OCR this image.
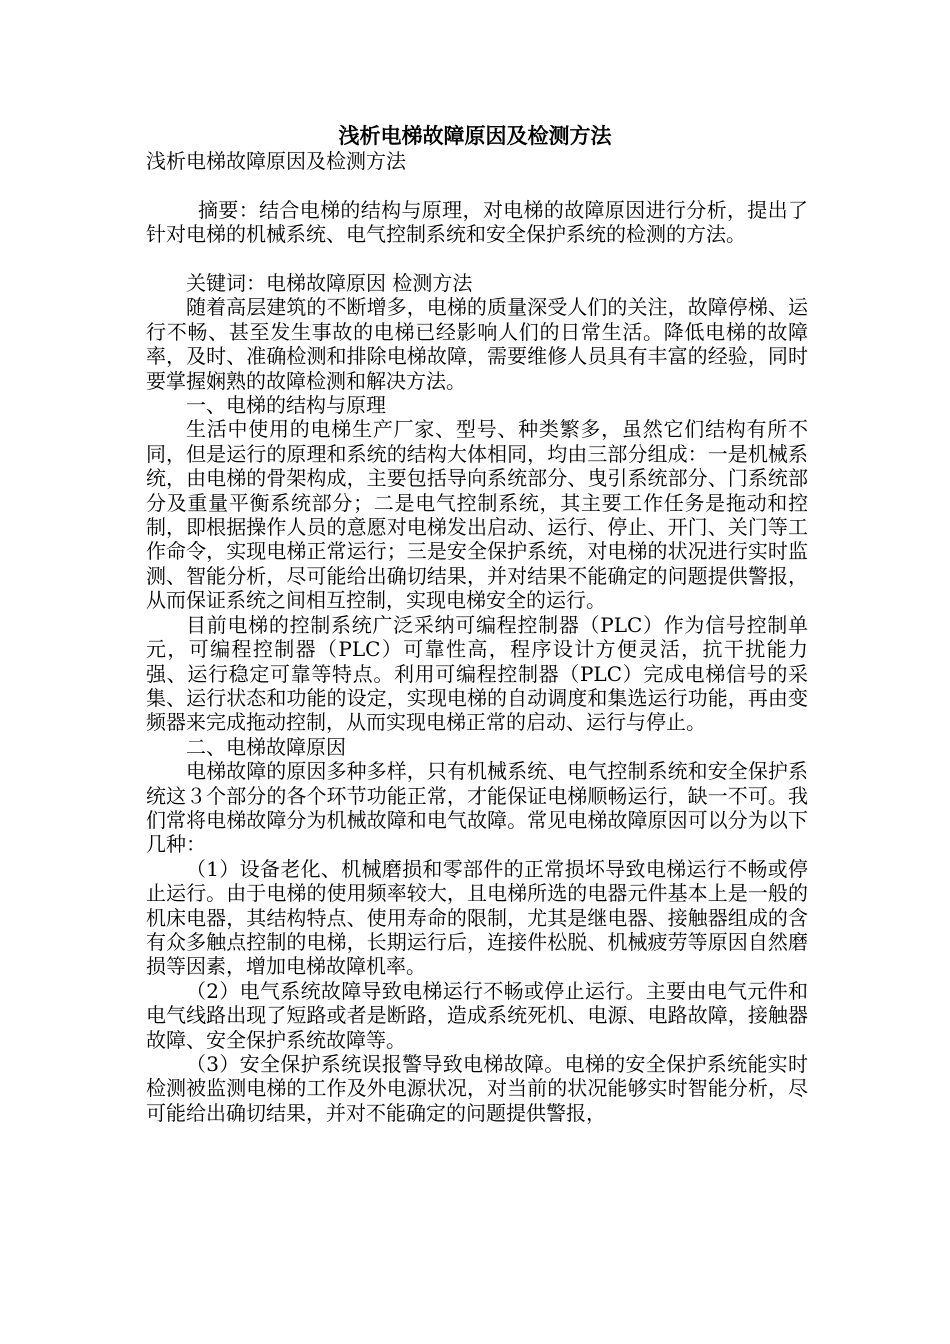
浅析电梯故障原因及检测方法

浅析电梯故障原因及检测方法

摘要：结合电梯的结构与原理，对电梯的故障原因进行分析，提出了针对电梯的机械系统、电气控制系统和安全保护系统的检测的方法。

关键词：电梯故障原因 检测方法

随着高层建筑的不断增多，电梯的质量深受人们的关注，故障停梯、运行不畅、甚至发生事故的电梯已经影响人们的日常生活。降低电梯的故障率，及时、准确检测和排除电梯故障，需要维修人员具有丰富的经验，同时要掌握娴熟的故障检测和解决方法。

一、电梯的结构与原理

生活中使用的电梯生产厂家、型号、种类繁多，虽然它们结构有所不同，但是运行的原理和系统的结构大体相同，均由三部分组成：一是机械系统，由电梯的骨架构成，主要包括导向系统部分、曳引系统部分、门系统部分及重量平衡系统部分；二是电气控制系统，其主要工作任务是拖动和控制，即根据操作人员的意愿对电梯发出启动、运行、停止、开门、关门等工作命令，实现电梯正常运行；三是安全保护系统，对电梯的状况进行实时监测、智能分析，尽可能给出确切结果，并对结果不能确定的问题提供警报，从而保证系统之间相互控制，实现电梯安全的运行。

目前电梯的控制系统广泛采纳可编程控制器（PLC）作为信号控制单元，可编程控制器（PLC）可靠性高，程序设计方便灵活，抗干扰能力强、运行稳定可靠等特点。利用可编程控制器（PLC）完成电梯信号的采集、运行状态和功能的设定，实现电梯的自动调度和集选运行功能，再由变频器来完成拖动控制，从而实现电梯正常的启动、运行与停止。

二、电梯故障原因

电梯故障的原因多种多样，只有机械系统、电气控制系统和安全保护系统这３个部分的各个环节功能正常，才能保证电梯顺畅运行，缺一不可。我们常将电梯故障分为机械故障和电气故障。常见电梯故障原因可以分为以下几种：

（1）设备老化、机械磨损和零部件的正常损坏导致电梯运行不畅或停止运行。由于电梯的使用频率较大，且电梯所选的电器元件基本上是一般的机床电器，其结构特点、使用寿命的限制，尤其是继电器、接触器组成的含有众多触点控制的电梯，长期运行后，连接件松脱、机械疲劳等原因自然磨损等因素，增加电梯故障机率。

（2）电气系统故障导致电梯运行不畅或停止运行。主要由电气元件和电气线路出现了短路或者是断路，造成系统死机、电源、电路故障，接触器故障、安全保护系统故障等。

（3）安全保护系统误报警导致电梯故障。电梯的安全保护系统能实时检测被监测电梯的工作及外电源状况，对当前的状况能够实时智能分析，尽可能给出确切结果，并对不能确定的问题提供警报，
